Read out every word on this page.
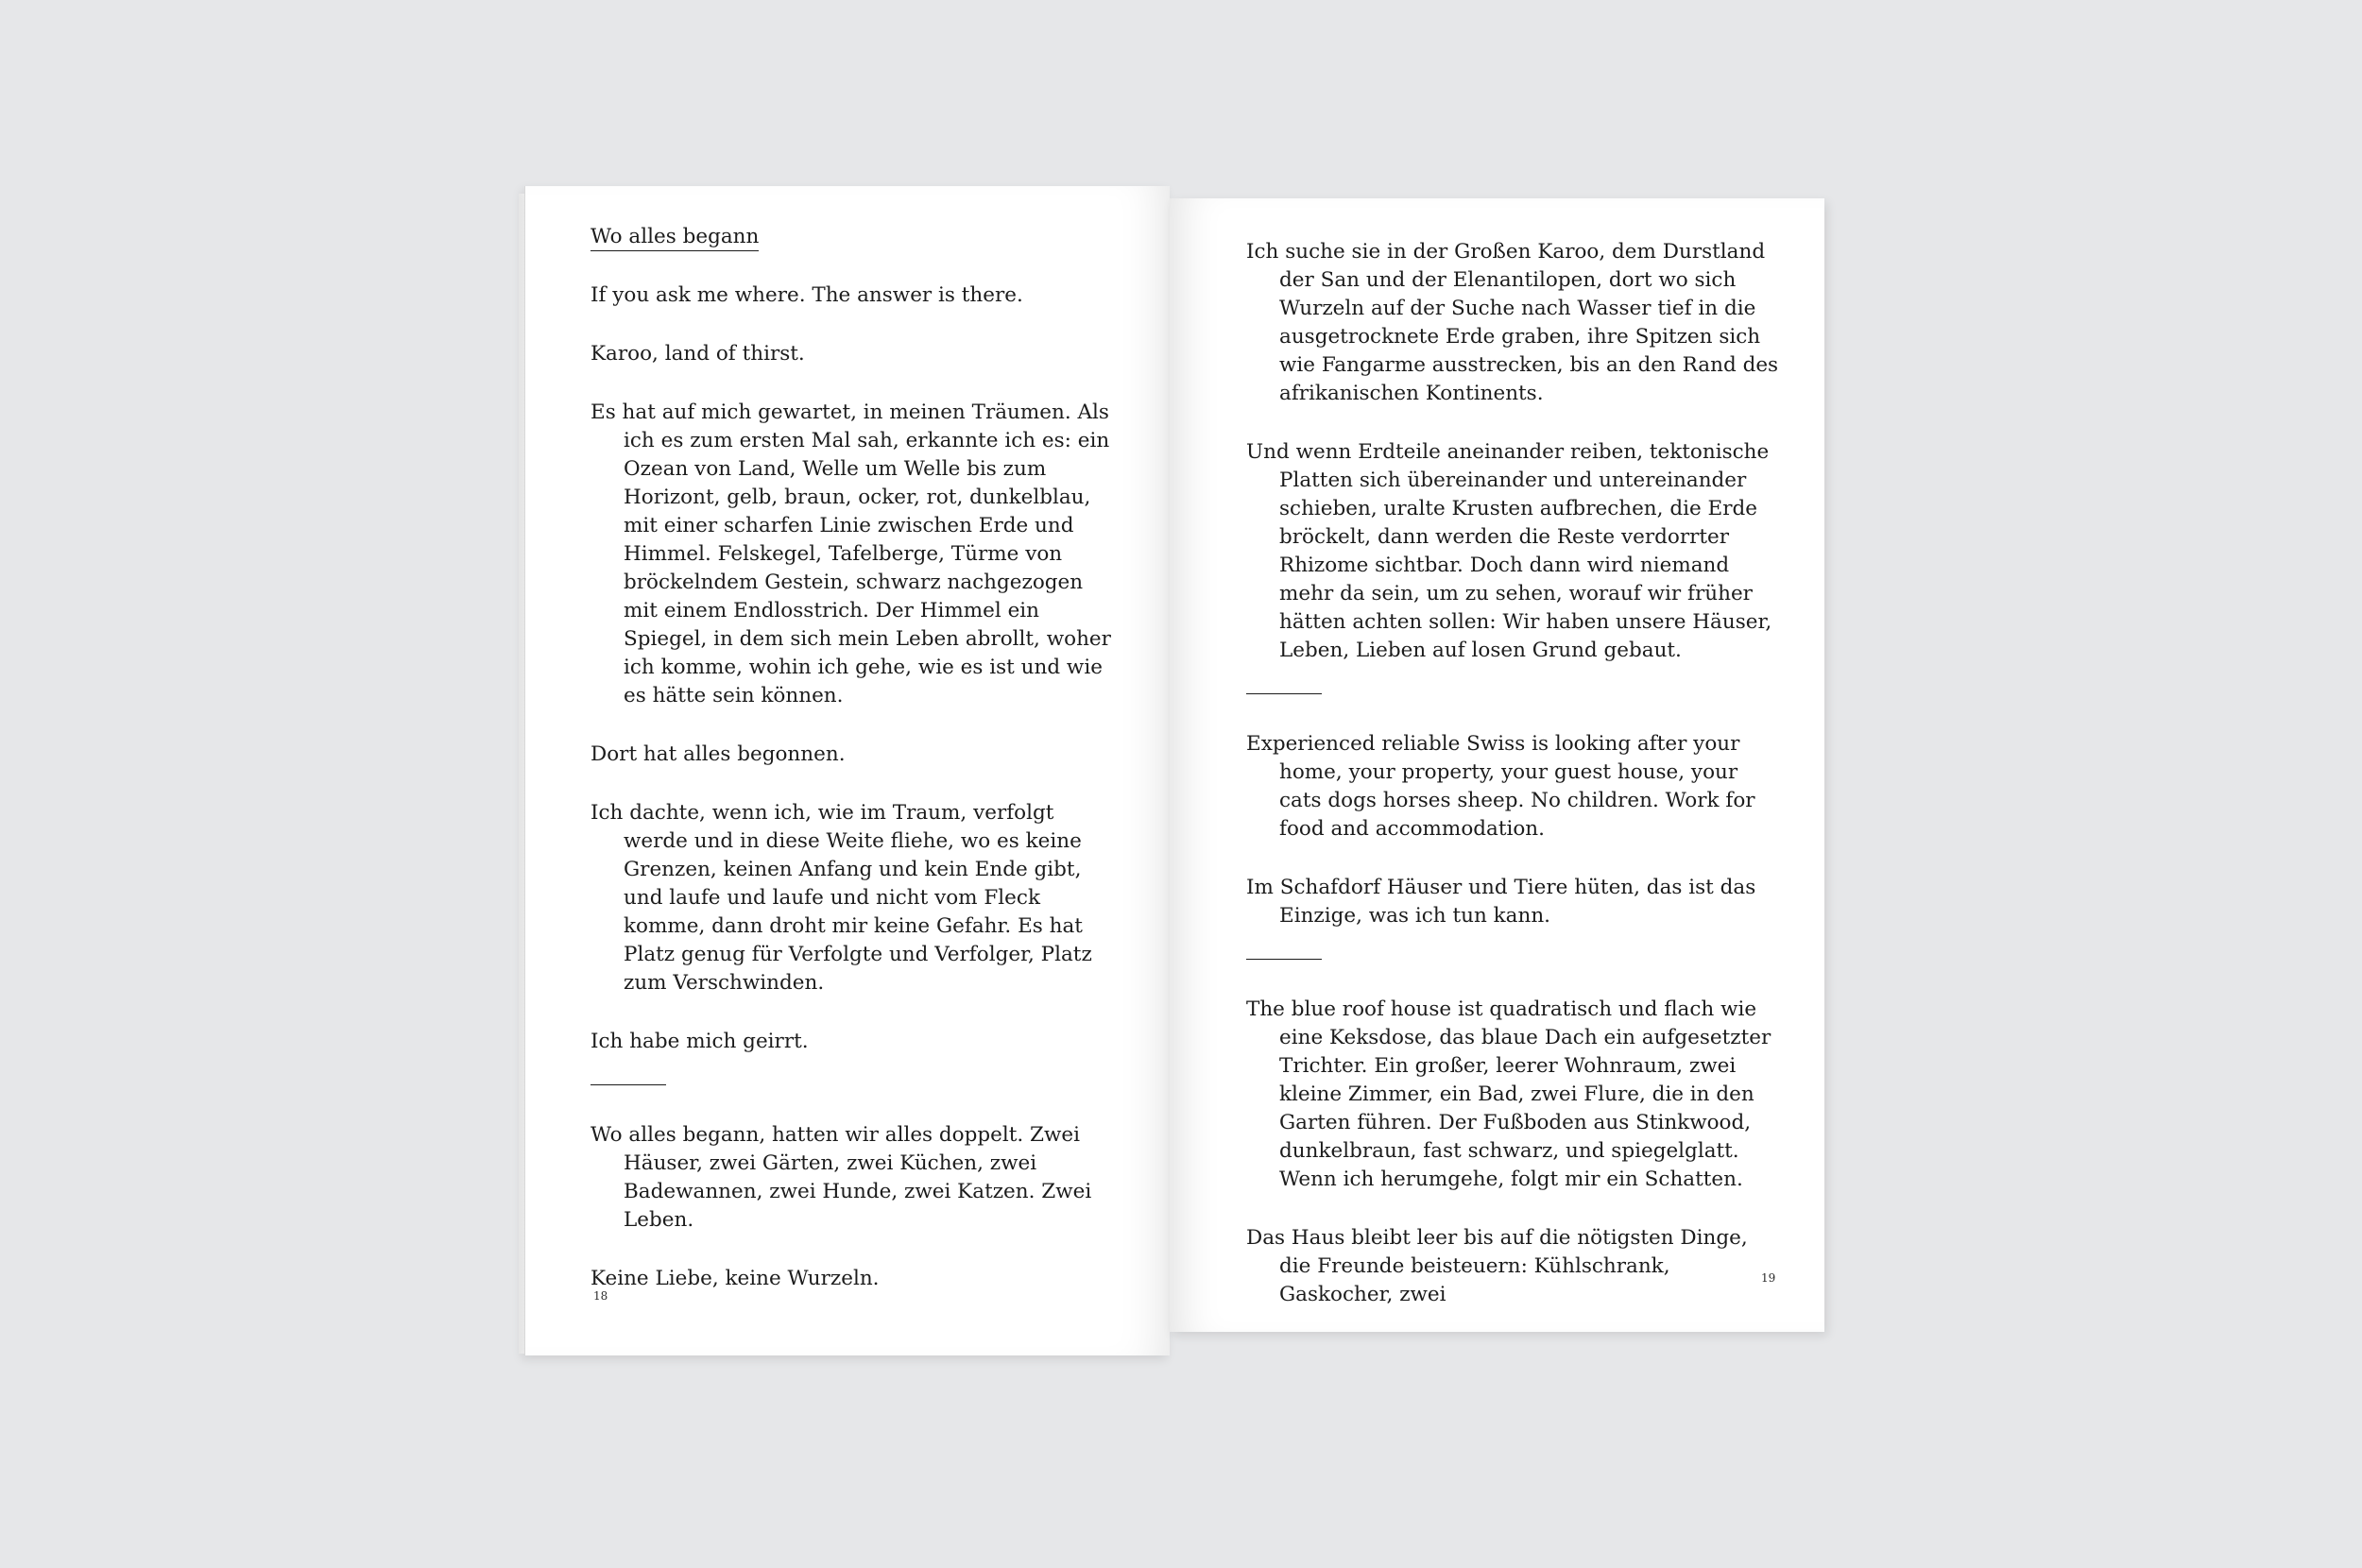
Wo alles begann

If you ask me where. The answer is there.

Karoo, land of thirst.

Es hat auf mich gewartet, in meinen Träumen. Als ich es zum ersten Mal sah, erkannte ich es: ein Ozean von Land, Welle um Welle bis zum Horizont, gelb, braun, ocker, rot, dunkelblau, mit einer scharfen Linie zwischen Erde und Himmel. Felskegel, Tafelberge, Türme von bröckelndem Gestein, schwarz nachgezogen mit einem Endlosstrich. Der Himmel ein Spiegel, in dem sich mein Leben abrollt, woher ich komme, wohin ich gehe, wie es ist und wie es hätte sein können.

Dort hat alles begonnen.

Ich dachte, wenn ich, wie im Traum, verfolgt werde und in diese Weite fliehe, wo es keine Grenzen, keinen Anfang und kein Ende gibt, und laufe und laufe und nicht vom Fleck komme, dann droht mir keine Gefahr. Es hat Platz genug für Verfolgte und Verfolger, Platz zum Verschwinden.

Ich habe mich geirrt.

Wo alles begann, hatten wir alles doppelt. Zwei Häuser, zwei Gärten, zwei Küchen, zwei Badewannen, zwei Hunde, zwei Katzen. Zwei Leben.

Keine Liebe, keine Wurzeln.

Ich suche sie in der Großen Karoo, dem Durstland der San und der Elenantilopen, dort wo sich Wurzeln auf der Suche nach Wasser tief in die ausgetrocknete Erde graben, ihre Spitzen sich wie Fangarme ausstrecken, bis an den Rand des afrikanischen Kontinents.

Und wenn Erdteile aneinander reiben, tektonische Platten sich übereinander und untereinander schieben, uralte Krusten aufbrechen, die Erde bröckelt, dann werden die Reste verdorrter Rhizome sichtbar. Doch dann wird niemand mehr da sein, um zu sehen, worauf wir früher hätten achten sollen: Wir haben unsere Häuser, Leben, Lieben auf losen Grund gebaut.

Experienced reliable Swiss is looking after your home, your property, your guest house, your cats dogs horses sheep. No children. Work for food and accommodation.

Im Schafdorf Häuser und Tiere hüten, das ist das Einzige, was ich tun kann.

The blue roof house ist quadratisch und flach wie eine Keksdose, das blaue Dach ein aufgesetzter Trichter. Ein großer, leerer Wohnraum, zwei kleine Zimmer, ein Bad, zwei Flure, die in den Garten führen. Der Fußboden aus Stinkwood, dunkelbraun, fast schwarz, und spiegelglatt. Wenn ich herumgehe, folgt mir ein Schatten.

Das Haus bleibt leer bis auf die nötigsten Dinge, die Freunde beisteuern: Kühlschrank, Gaskocher, zwei

18
19
